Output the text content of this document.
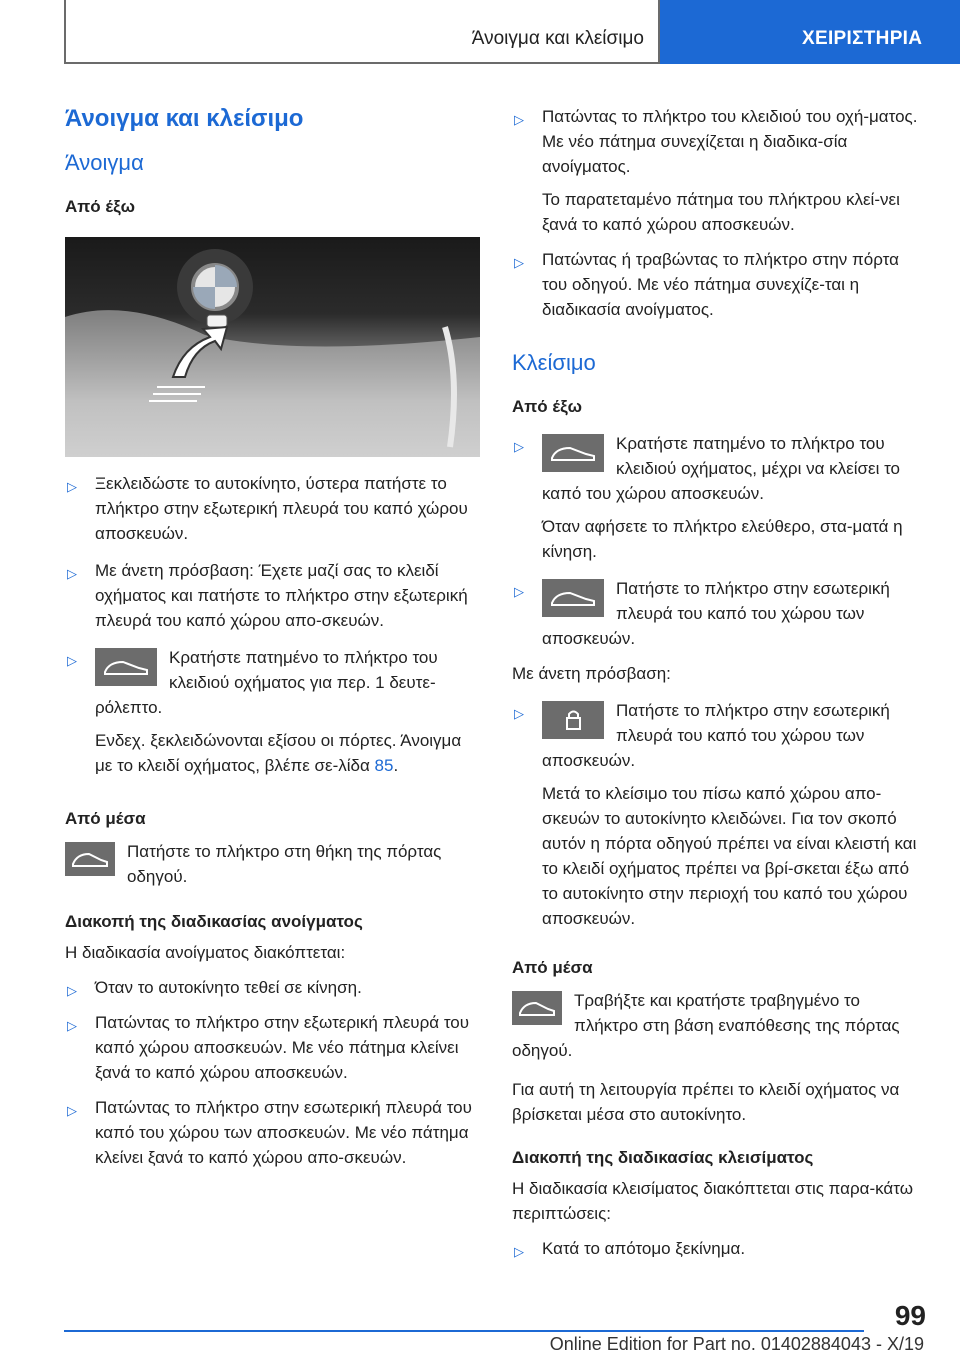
Άνοιγμα και κλείσιμο	ΧΕΙΡΙΣΤΗΡΙΑ
Άνοιγμα και κλείσιμο
Άνοιγμα
Από έξω
▷ Ξεκλειδώστε το αυτοκίνητο, ύστερα πατήστε το πλήκτρο στην εξωτερική πλευρά του καπό χώρου αποσκευών.
▷ Με άνετη πρόσβαση: Έχετε μαζί σας το κλειδί οχήματος και πατήστε το πλήκτρο στην εξωτερική πλευρά του καπό χώρου απο-σκευών.
▷	Κρατήστε πατημένο το πλήκτρο του κλειδιού οχήματος για περ. 1 δευτε-ρόλεπτο.
Ενδεχ. ξεκλειδώνονται εξίσου οι πόρτες. Άνοιγμα με το κλειδί οχήματος, βλέπε σε-λίδα 85.
Από μέσα
Πατήστε το πλήκτρο στη θήκη της πόρτας οδηγού.
Διακοπή της διαδικασίας ανοίγματος
Η διαδικασία ανοίγματος διακόπτεται:
▷ Όταν το αυτοκίνητο τεθεί σε κίνηση.
▷ Πατώντας το πλήκτρο στην εξωτερική πλευρά του καπό χώρου αποσκευών. Με νέο πάτημα κλείνει ξανά το καπό χώρου αποσκευών.
▷ Πατώντας το πλήκτρο στην εσωτερική πλευρά του καπό του χώρου των αποσκευών. Με νέο πάτημα κλείνει ξανά το καπό χώρου απο-σκευών.
▷ Πατώντας το πλήκτρο του κλειδιού του οχή-ματος. Με νέο πάτημα συνεχίζεται η διαδικα-σία ανοίγματος.
Το παρατεταμένο πάτημα του πλήκτρου κλεί-νει ξανά το καπό χώρου αποσκευών.
▷ Πατώντας ή τραβώντας το πλήκτρο στην πόρτα του οδηγού. Με νέο πάτημα συνεχίζε-ται η διαδικασία ανοίγματος.
Κλείσιμο
Από έξω
▷	Κρατήστε πατημένο το πλήκτρο του κλειδιού οχήματος, μέχρι να κλείσει το καπό του χώρου αποσκευών.
Όταν αφήσετε το πλήκτρο ελεύθερο, στα-ματά η κίνηση.
▷	Πατήστε το πλήκτρο στην εσωτερική πλευρά του καπό του χώρου των αποσκευών.
Με άνετη πρόσβαση:
▷	Πατήστε το πλήκτρο στην εσωτερική πλευρά του καπό του χώρου των αποσκευών.
Μετά το κλείσιμο του πίσω καπό χώρου απο-σκευών το αυτοκίνητο κλειδώνει. Για τον σκοπό αυτόν η πόρτα οδηγού πρέπει να είναι κλειστή και το κλειδί οχήματος πρέπει να βρί-σκεται έξω από το αυτοκίνητο στην περιοχή του καπό του χώρου αποσκευών.
Από μέσα
Τραβήξτε και κρατήστε τραβηγμένο το πλήκτρο στη βάση εναπόθεσης της πόρτας οδηγού.
Για αυτή τη λειτουργία πρέπει το κλειδί οχήματος να βρίσκεται μέσα στο αυτοκίνητο.
Διακοπή της διαδικασίας κλεισίματος
Η διαδικασία κλεισίματος διακόπτεται στις παρα-κάτω περιπτώσεις:
▷ Κατά το απότομο ξεκίνημα.
99
Online Edition for Part no. 01402884043 - X/19
